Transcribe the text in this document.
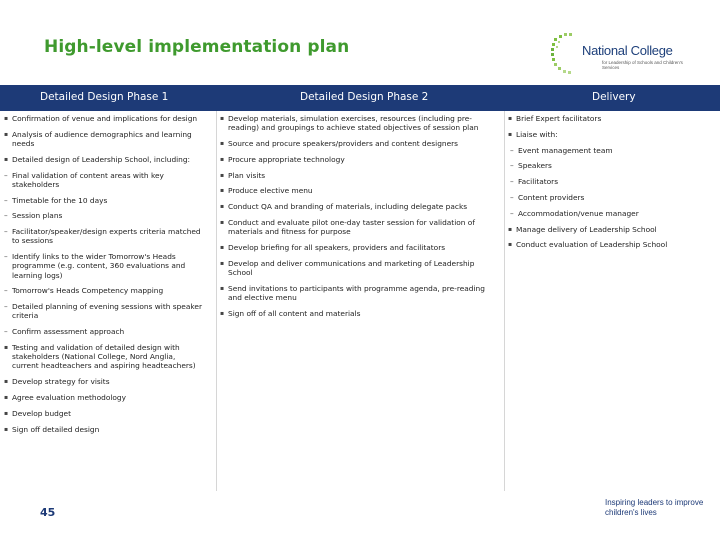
High-level implementation plan	National College
for Leadership of Schools and Children's Services
Detailed Design Phase 1	Detailed Design Phase 2	Delivery
▪ Confirmation of venue and implications for design
▪ Analysis of audience demographics and learning needs
▪ Detailed design of Leadership School, including:
– Final validation of content areas with key stakeholders
– Timetable for the 10 days
– Session plans
– Facilitator/speaker/design experts criteria matched to sessions
– Identify links to the wider Tomorrow's Heads programme (e.g. content, 360 evaluations and learning logs)
– Tomorrow's Heads Competency mapping
– Detailed planning of evening sessions with speaker criteria
– Confirm assessment approach
▪ Testing and validation of detailed design with stakeholders (National College, Nord Anglia, current headteachers and aspiring headteachers)
▪ Develop strategy for visits
▪ Agree evaluation methodology
▪ Develop budget
▪ Sign off detailed design
▪ Develop materials, simulation exercises, resources (including pre-reading) and groupings to achieve stated objectives of session plan
▪ Source and procure speakers/providers and content designers
▪ Procure appropriate technology
▪ Plan visits
▪ Produce elective menu
▪ Conduct QA and branding of materials, including delegate packs
▪ Conduct and evaluate pilot one-day taster session for validation of materials and fitness for purpose
▪ Develop briefing for all speakers, providers and facilitators
▪ Develop and deliver communications and marketing of Leadership School
▪ Send invitations to participants with programme agenda, pre-reading and elective menu
▪ Sign off of all content and materials
▪ Brief Expert facilitators
▪ Liaise with:
– Event management team
– Speakers
– Facilitators
– Content providers
– Accommodation/venue manager
▪ Manage delivery of Leadership School
▪ Conduct evaluation of Leadership School
45
Inspiring leaders to improve children's lives
